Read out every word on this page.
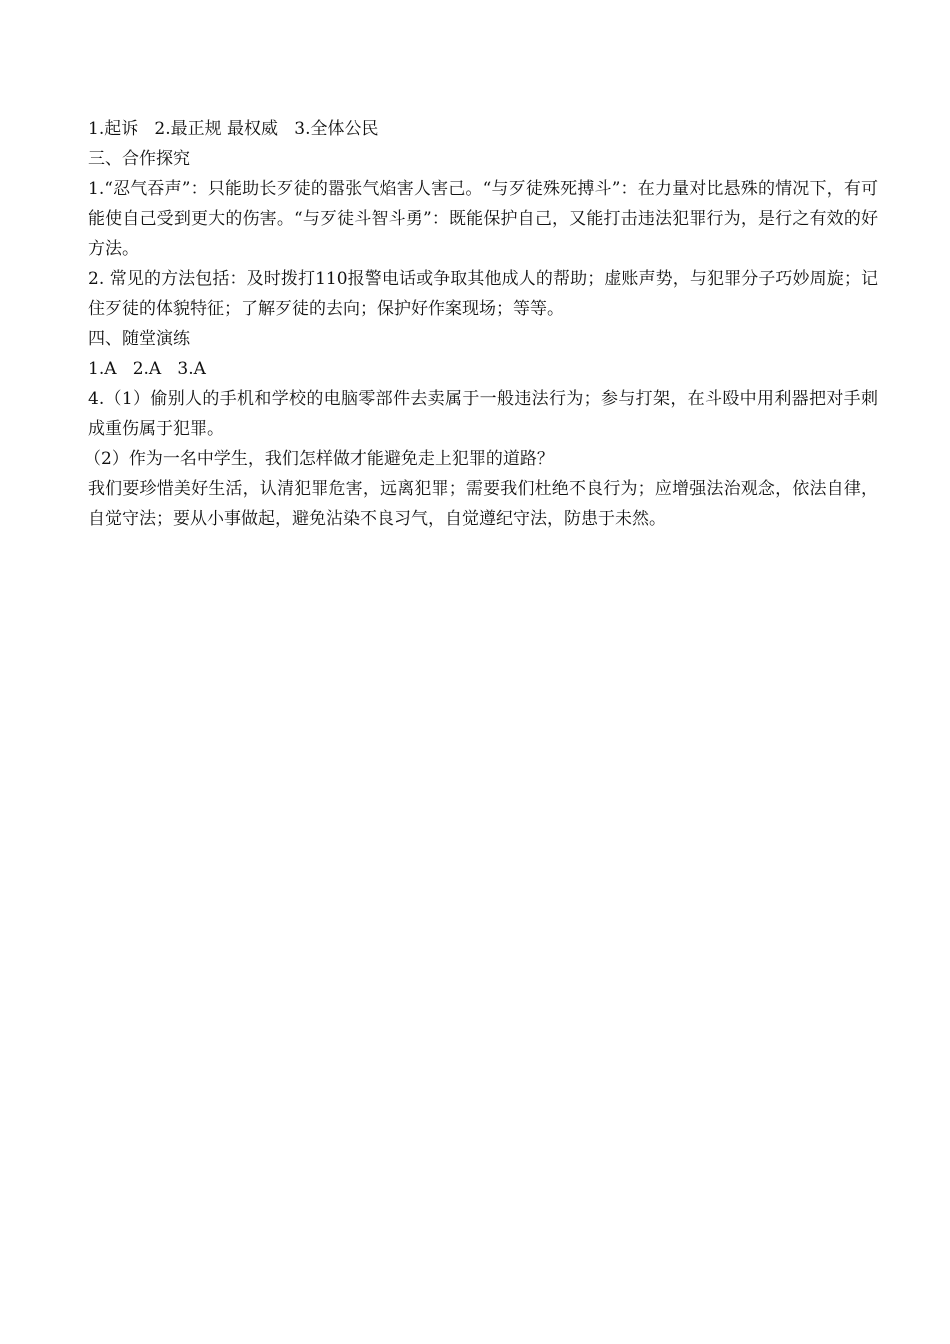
1.起诉   2.最正规 最权威   3.全体公民

三、合作探究

1.“忍气吞声”：只能助长歹徒的嚣张气焰害人害己。“与歹徒殊死搏斗”：在力量对比悬殊的情况下，有可能使自己受到更大的伤害。“与歹徒斗智斗勇”：既能保护自己，又能打击违法犯罪行为，是行之有效的好方法。

2. 常见的方法包括：及时拨打110报警电话或争取其他成人的帮助；虚账声势，与犯罪分子巧妙周旋；记住歹徒的体貌特征；了解歹徒的去向；保护好作案现场；等等。

四、随堂演练

1.A   2.A   3.A

4.（1）偷别人的手机和学校的电脑零部件去卖属于一般违法行为；参与打架，在斗殴中用利器把对手刺成重伤属于犯罪。

（2）作为一名中学生，我们怎样做才能避免走上犯罪的道路？

我们要珍惜美好生活，认清犯罪危害，远离犯罪；需要我们杜绝不良行为；应增强法治观念，依法自律，自觉守法；要从小事做起，避免沾染不良习气，自觉遵纪守法，防患于未然。
